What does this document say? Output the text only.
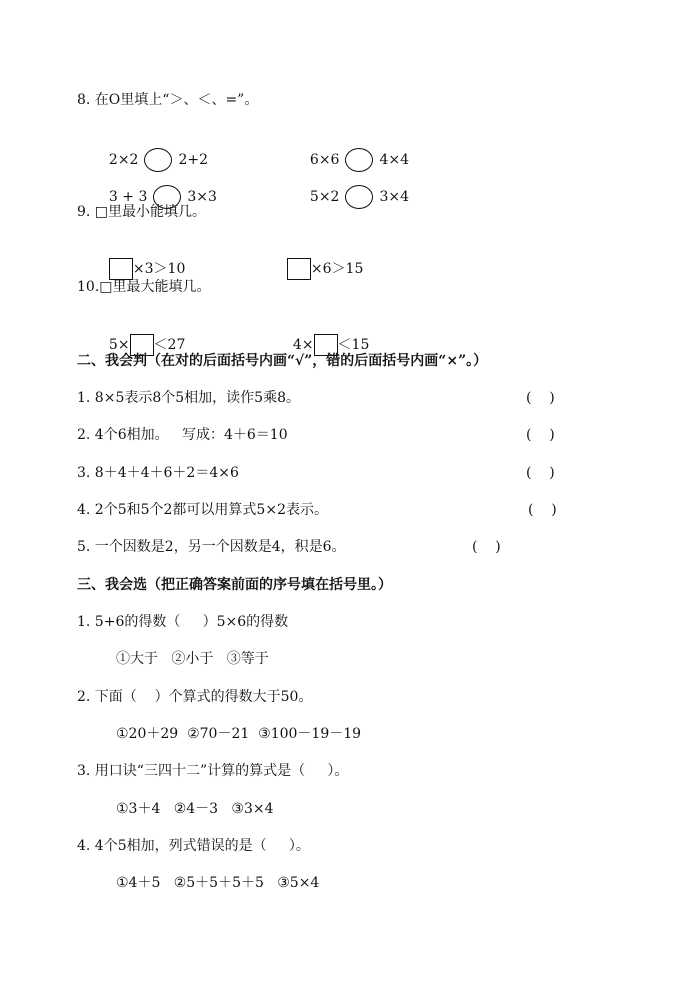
8. 在O里填上“＞、＜、=”。

2×2	2+2	6×6	4×4

3 + 3	3×3	5×2	3×4

9. □里最小能填几。

×3＞10	×6＞15

10.□里最大能填几。

5× ＜27	4× ＜15

二、我会判（在对的后面括号内画“√”，错的后面括号内画“×”。）
1. 8×5表示8个5相加，读作5乘8。	(    )
2. 4个6相加。   写成：4＋6＝10	(    )
3. 8＋4＋4＋6＋2＝4×6	(    )
4. 2个5和5个2都可以用算式5×2表示。	(    )
5. 一个因数是2，另一个因数是4，积是6。	(    )
三、我会选（把正确答案前面的序号填在括号里。）
1. 5+6的得数（     ）5×6的得数
①大于   ②小于   ③等于
2. 下面（    ）个算式的得数大于50。
①20＋29  ②70－21  ③100－19－19
3. 用口诀“三四十二”计算的算式是（     ）。
①3＋4   ②4－3   ③3×4
4. 4个5相加，列式错误的是（     ）。
①4＋5   ②5＋5＋5＋5   ③5×4
